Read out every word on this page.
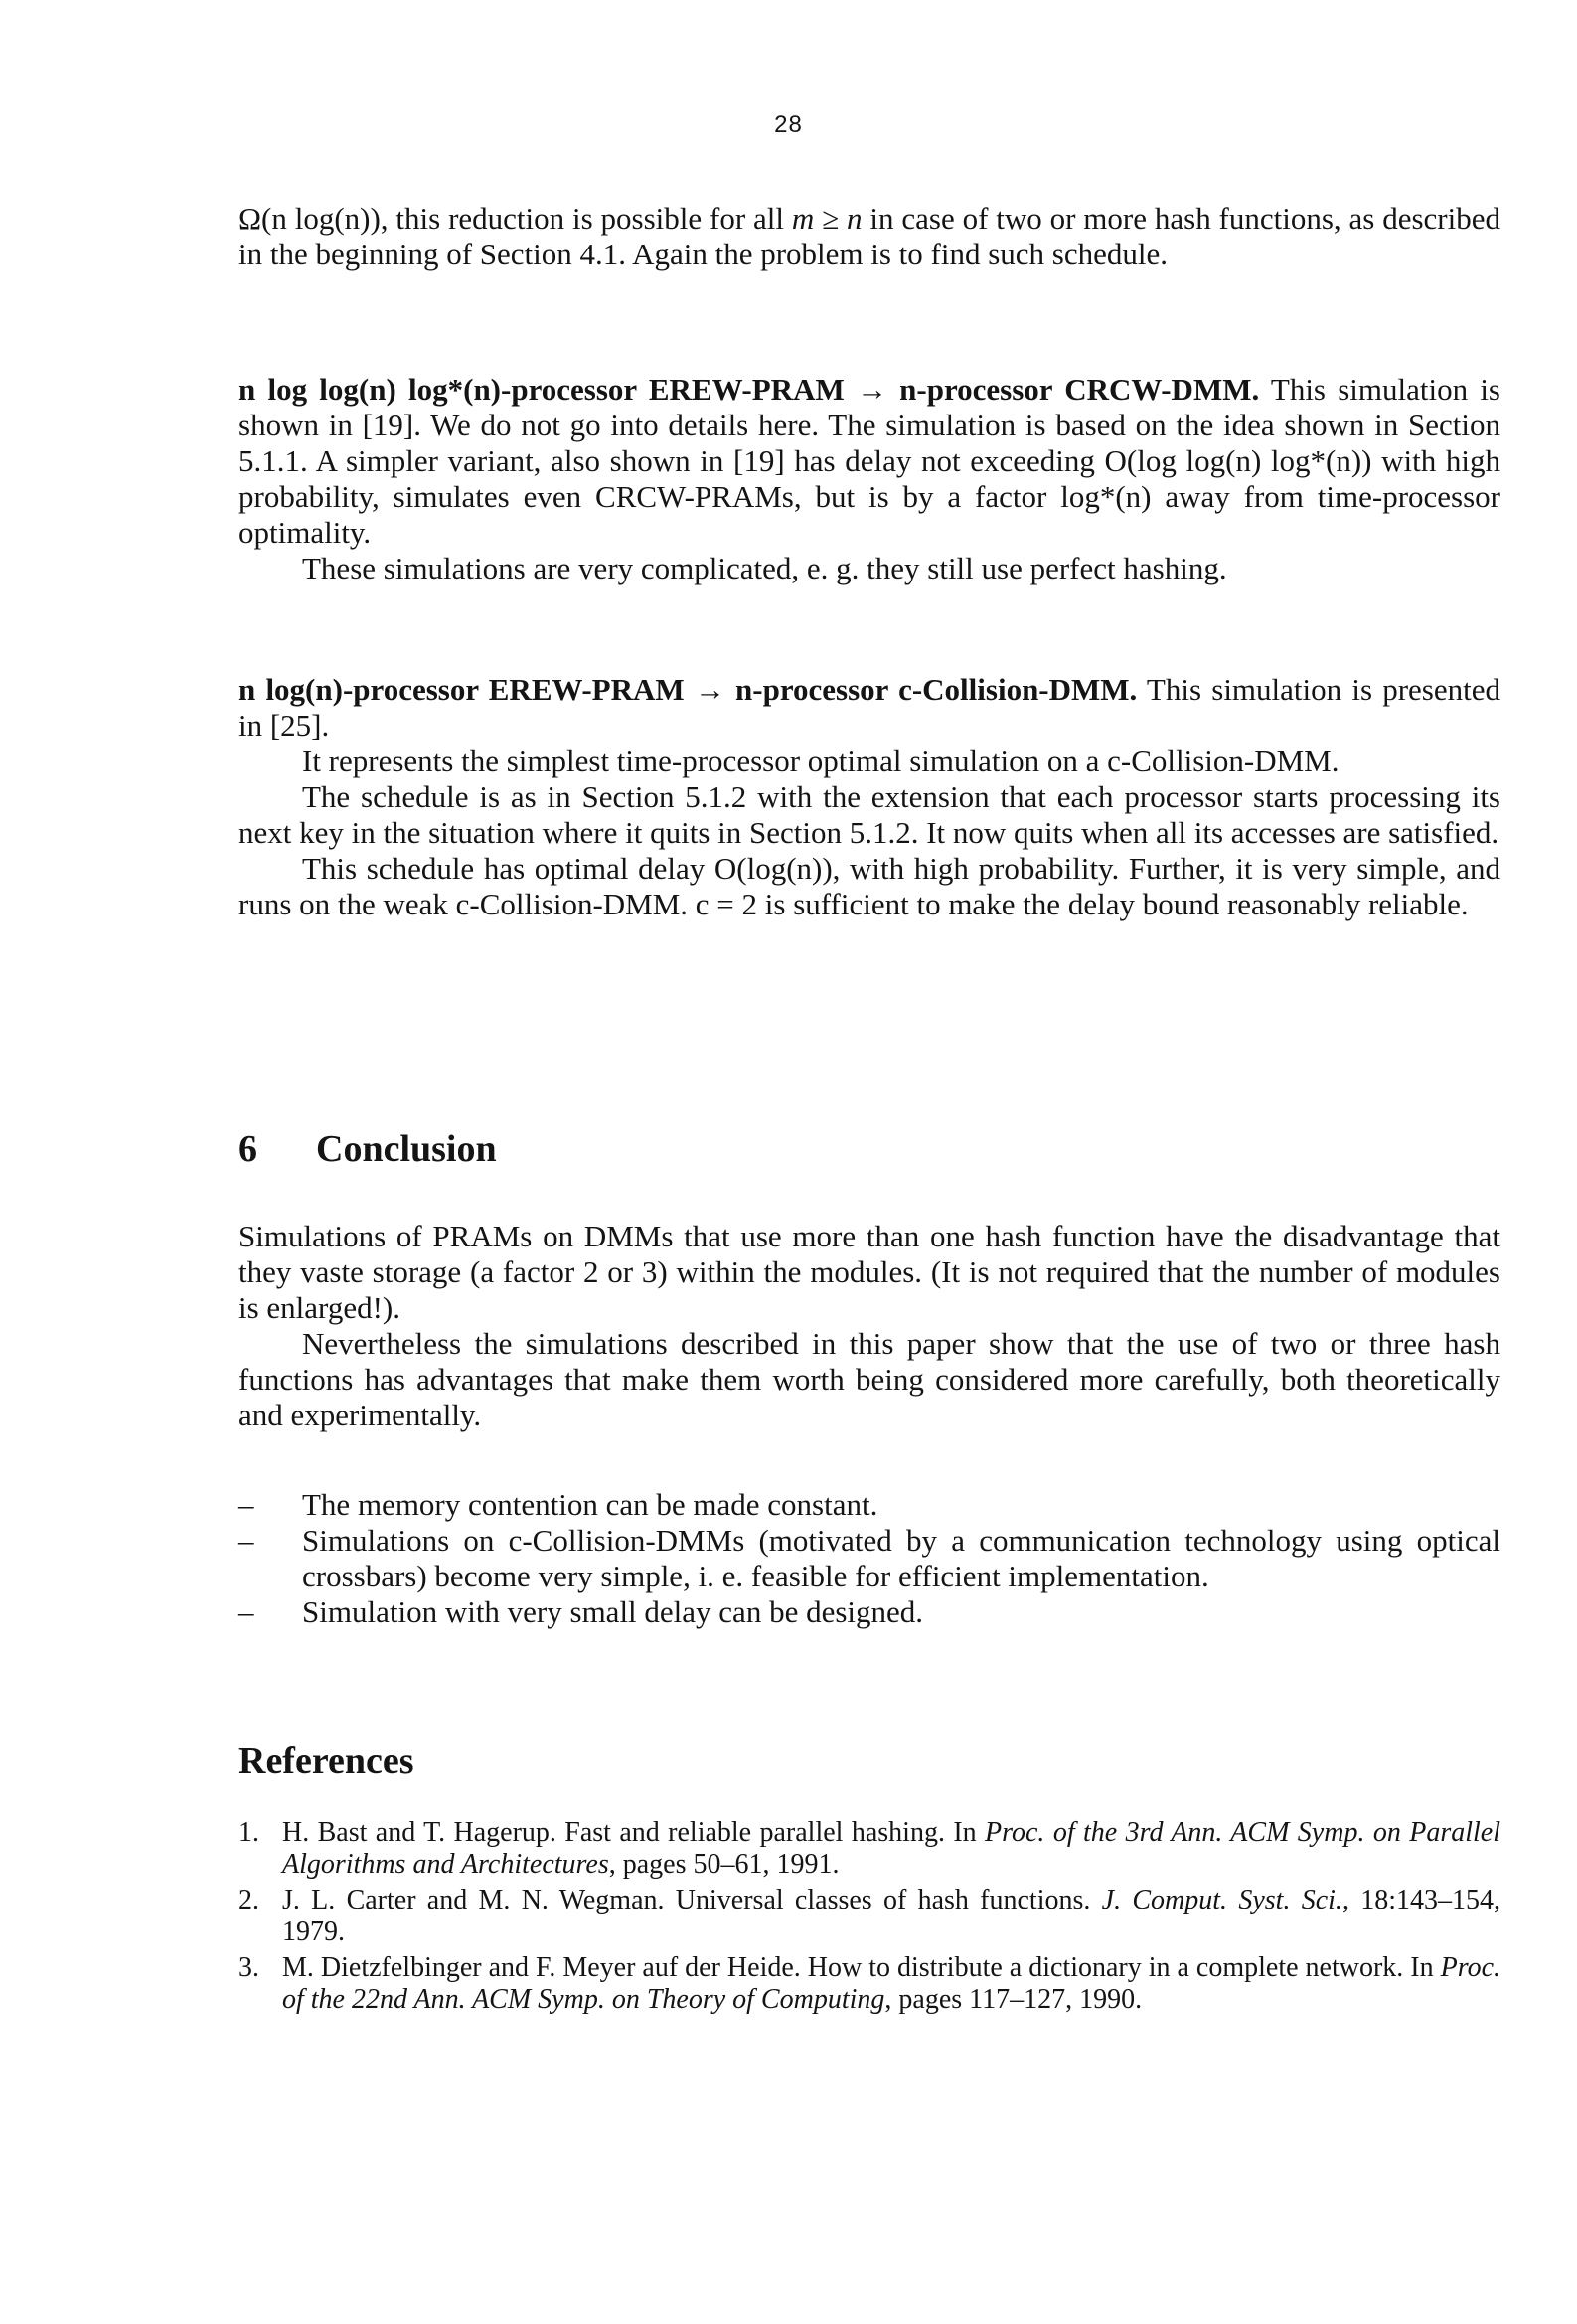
28

Ω(n log(n)), this reduction is possible for all m ≥ n in case of two or more hash functions, as described in the beginning of Section 4.1. Again the problem is to find such schedule.

n log log(n) log*(n)-processor EREW-PRAM → n-processor CRCW-DMM. This simulation is shown in [19]. We do not go into details here. The simulation is based on the idea shown in Section 5.1.1. A simpler variant, also shown in [19] has delay not exceeding O(log log(n) log*(n)) with high probability, simulates even CRCW-PRAMs, but is by a factor log*(n) away from time-processor optimality.

These simulations are very complicated, e. g. they still use perfect hashing.

n log(n)-processor EREW-PRAM → n-processor c-Collision-DMM. This simulation is presented in [25].

It represents the simplest time-processor optimal simulation on a c-Collision-DMM.

The schedule is as in Section 5.1.2 with the extension that each processor starts processing its next key in the situation where it quits in Section 5.1.2. It now quits when all its accesses are satisfied.

This schedule has optimal delay O(log(n)), with high probability. Further, it is very simple, and runs on the weak c-Collision-DMM. c = 2 is sufficient to make the delay bound reasonably reliable.

6 Conclusion

Simulations of PRAMs on DMMs that use more than one hash function have the disadvantage that they vaste storage (a factor 2 or 3) within the modules. (It is not required that the number of modules is enlarged!).

Nevertheless the simulations described in this paper show that the use of two or three hash functions has advantages that make them worth being considered more carefully, both theoretically and experimentally.

– The memory contention can be made constant.
– Simulations on c-Collision-DMMs (motivated by a communication technology using optical crossbars) become very simple, i. e. feasible for efficient implementation.
– Simulation with very small delay can be designed.
References
1. H. Bast and T. Hagerup. Fast and reliable parallel hashing. In Proc. of the 3rd Ann. ACM Symp. on Parallel Algorithms and Architectures, pages 50–61, 1991.
2. J. L. Carter and M. N. Wegman. Universal classes of hash functions. J. Comput. Syst. Sci., 18:143–154, 1979.
3. M. Dietzfelbinger and F. Meyer auf der Heide. How to distribute a dictionary in a complete network. In Proc. of the 22nd Ann. ACM Symp. on Theory of Computing, pages 117–127, 1990.
